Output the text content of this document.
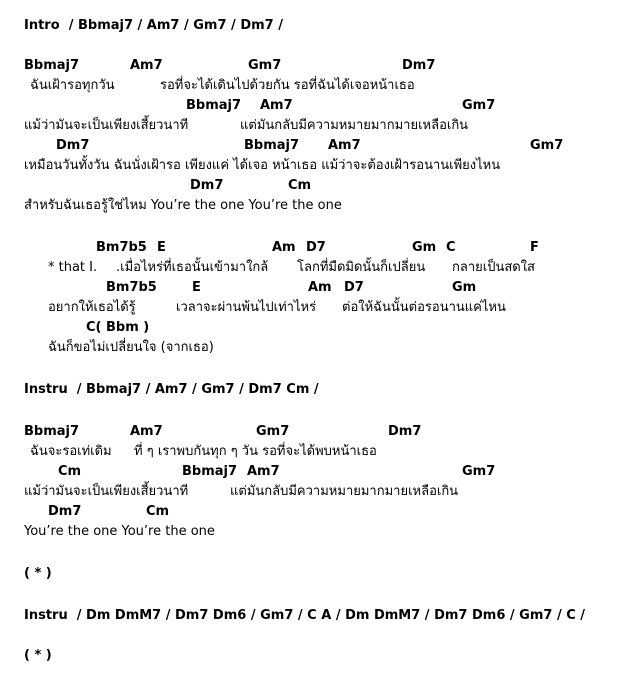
Intro  / Bbmaj7 / Am7 / Gm7 / Dm7 /
Bbmaj7	Am7	Gm7	Dm7
ฉันเฝ้ารอทุกวัน	รอที่จะได้เดินไปด้วยกัน รอที่ฉันได้เจอหน้าเธอ
Bbmaj7 Am7	Gm7
แม้ว่ามันจะเป็นเพียงเสี้ยวนาที	แต่มันกลับมีความหมายมากมายเหลือเกิน
Dm7	Bbmaj7 Am7	Gm7
เหมือนวันทั้งวัน ฉันนั่งเฝ้ารอ เพียงแค่ ได้เจอ หน้าเธอ แม้ว่าจะต้องเฝ้ารอนานเพียงไหน
Dm7	Cm
สำหรับฉันเธอรู้ใช่ไหม You’re the one You’re the one
Bm7b5 E	Am D7	Gm C	F
* that I. .เมื่อไหร่ที่เธอนั้นเข้ามาใกล้ โลกที่มืดมิดนั้นก็เปลี่ยน กลายเป็นสดใส
Bm7b5	E	Am D7	Gm
อยากให้เธอได้รู้	เวลาจะผ่านพ้นไปเท่าไหร่ ต่อให้ฉันนั้นต่อรอนานแค่ไหน
C( Bbm )
ฉันก็ขอไม่เปลี่ยนใจ (จากเธอ)
Instru  / Bbmaj7 / Am7 / Gm7 / Dm7 Cm /
Bbmaj7	Am7	Gm7	Dm7
ฉันจะรอเท่เดิม ที่ ๆ เราพบกันทุก ๆ วัน รอที่จะได้พบหน้าเธอ
Cm	Bbmaj7 Am7	Gm7
แม้ว่ามันจะเป็นเพียงเสี้ยวนาที	แต่มันกลับมีความหมายมากมายเหลือเกิน
Dm7	Cm
You’re the one You’re the one
( * )
Instru  / Dm DmM7 / Dm7 Dm6 / Gm7 / C A / Dm DmM7 / Dm7 Dm6 / Gm7 / C /
( * )
